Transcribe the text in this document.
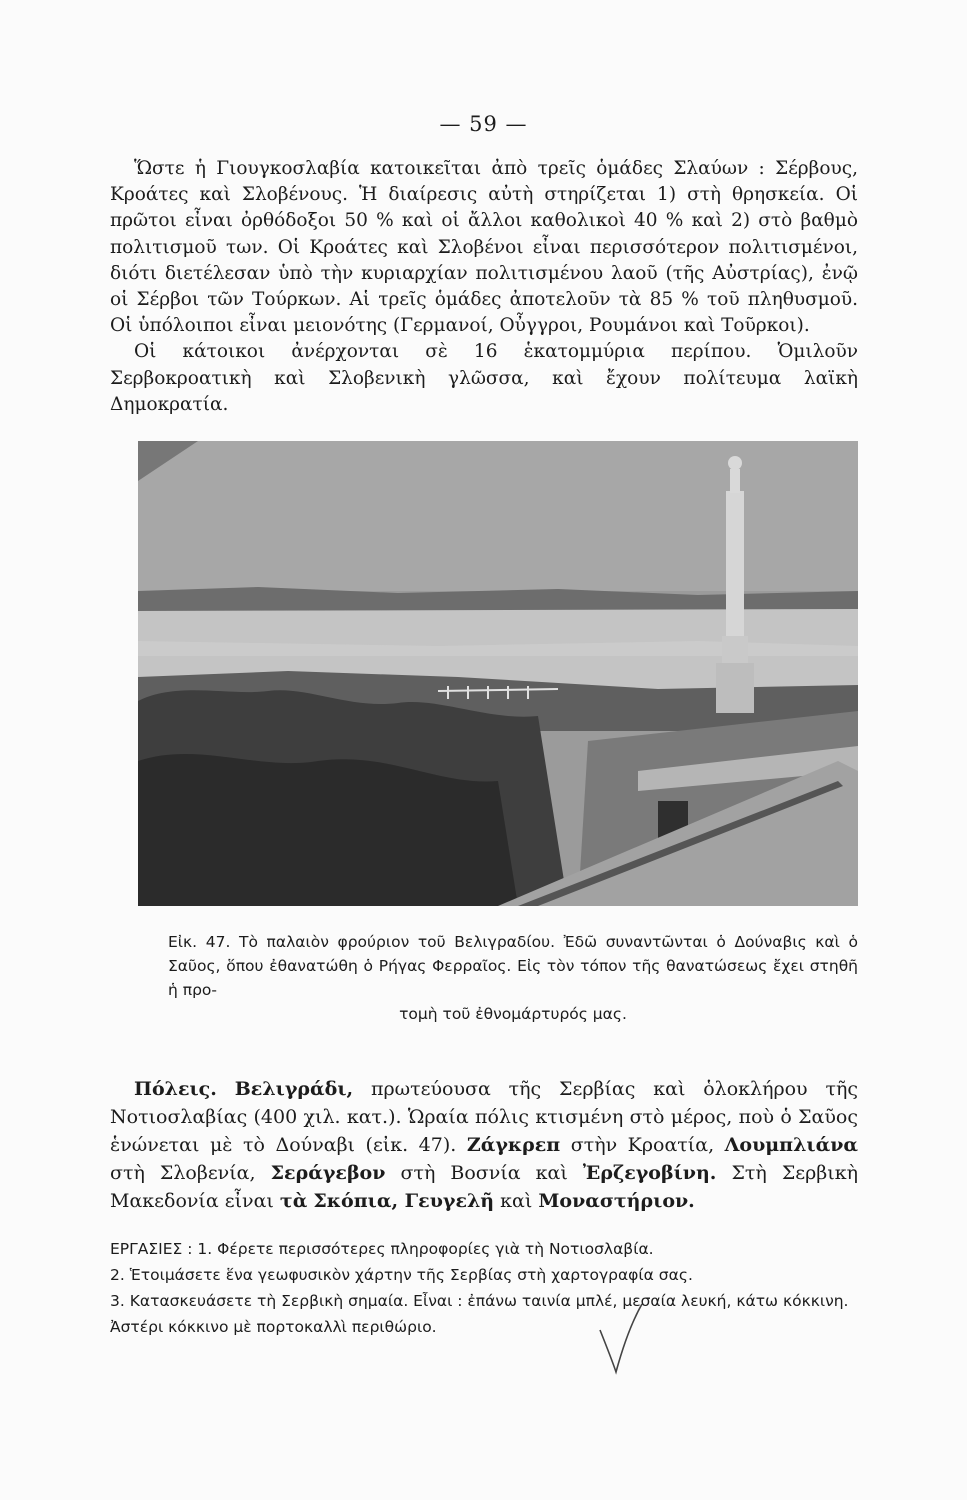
— 59 —

Ὥστε ἡ Γιουγκοσλαβία κατοικεῖται ἀπὸ τρεῖς ὁμάδες Σλαύων : Σέρβους, Κροάτες καὶ Σλοβένους. Ἡ διαίρεσις αὐτὴ στηρίζεται 1) στὴ θρησκεία. Οἱ πρῶτοι εἶναι ὀρθόδοξοι 50 % καὶ οἱ ἄλλοι καθολικοὶ 40 % καὶ 2) στὸ βαθμὸ πολιτισμοῦ των. Οἱ Κροάτες καὶ Σλοβένοι εἶναι περισσότερον πολιτισμένοι, διότι διετέλεσαν ὑπὸ τὴν κυριαρχίαν πολιτισμένου λαοῦ (τῆς Αὐστρίας), ἐνῷ οἱ Σέρβοι τῶν Τούρκων. Αἱ τρεῖς ὁμάδες ἀποτελοῦν τὰ 85 % τοῦ πληθυσμοῦ. Οἱ ὑπόλοιποι εἶναι μειονότης (Γερμανοί, Οὖγγροι, Ρουμάνοι καὶ Τοῦρκοι).

Οἱ κάτοικοι ἀνέρχονται σὲ 16 ἑκατομμύρια περίπου. Ὁμιλοῦν Σερβοκροατικὴ καὶ Σλοβενικὴ γλῶσσα, καὶ ἔχουν πολίτευμα λαϊκὴ Δημοκρατία.

Εἰκ. 47. Τὸ παλαιὸν φρούριον τοῦ Βελιγραδίου. Ἐδῶ συναντῶνται ὁ Δούναβις καὶ ὁ Σαῦος, ὅπου ἐθανατώθη ὁ Ρήγας Φερραῖος. Εἰς τὸν τόπον τῆς θανατώσεως ἔχει στηθῆ ἡ προ-
τομὴ τοῦ ἐθνομάρτυρός μας.

Πόλεις. Βελιγράδι, πρωτεύουσα τῆς Σερβίας καὶ ὁλοκλήρου τῆς Νοτιοσλαβίας (400 χιλ. κατ.). Ὡραία πόλις κτισμένη στὸ μέρος, ποὺ ὁ Σαῦος ἑνώνεται μὲ τὸ Δούναβι (εἰκ. 47). Ζάγκρεπ στὴν Κροατία, Λουμπλιάνα στὴ Σλοβενία, Σεράγεβον στὴ Βοσνία καὶ Ἐρζεγοβίνη. Στὴ Σερβικὴ Μακεδονία εἶναι τὰ Σκόπια, Γευγελῆ καὶ Μοναστήριον.

ΕΡΓΑΣΙΕΣ : 1. Φέρετε περισσότερες πληροφορίες γιὰ τὴ Νοτιοσλαβία.

2. Ἑτοιμάσετε ἕνα γεωφυσικὸν χάρτην τῆς Σερβίας στὴ χαρτογραφία σας.

3. Κατασκευάσετε τὴ Σερβικὴ σημαία. Εἶναι : ἐπάνω ταινία μπλέ, μεσαία λευκή, κάτω κόκκινη. Ἀστέρι κόκκινο μὲ πορτοκαλλὶ περιθώριο.
